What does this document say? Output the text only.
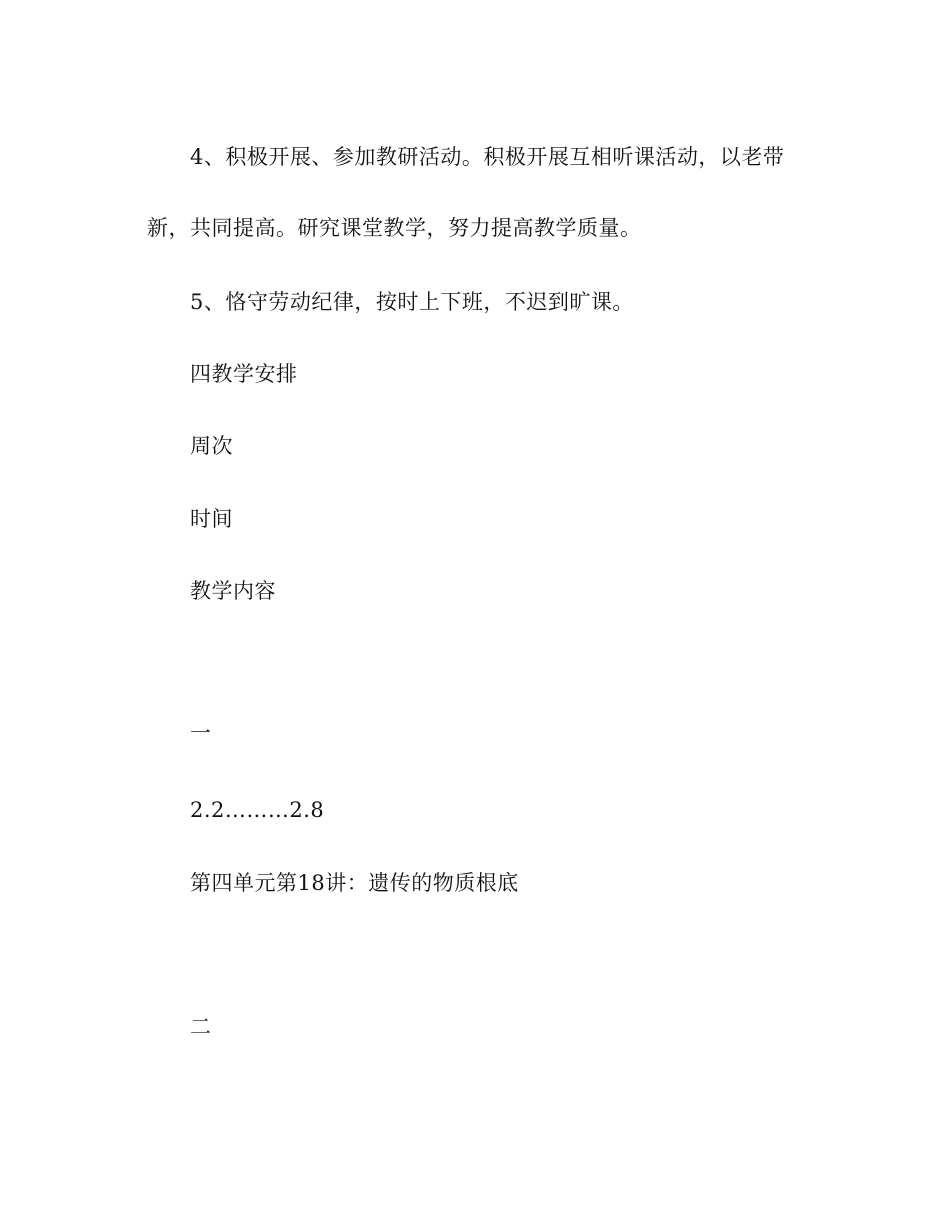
4、积极开展、参加教研活动。积极开展互相听课活动，以老带
新，共同提高。研究课堂教学，努力提高教学质量。
5、恪守劳动纪律，按时上下班，不迟到旷课。
四教学安排
周次
时间
教学内容
一
2.2………2.8
第四单元第18讲：遗传的物质根底
二
